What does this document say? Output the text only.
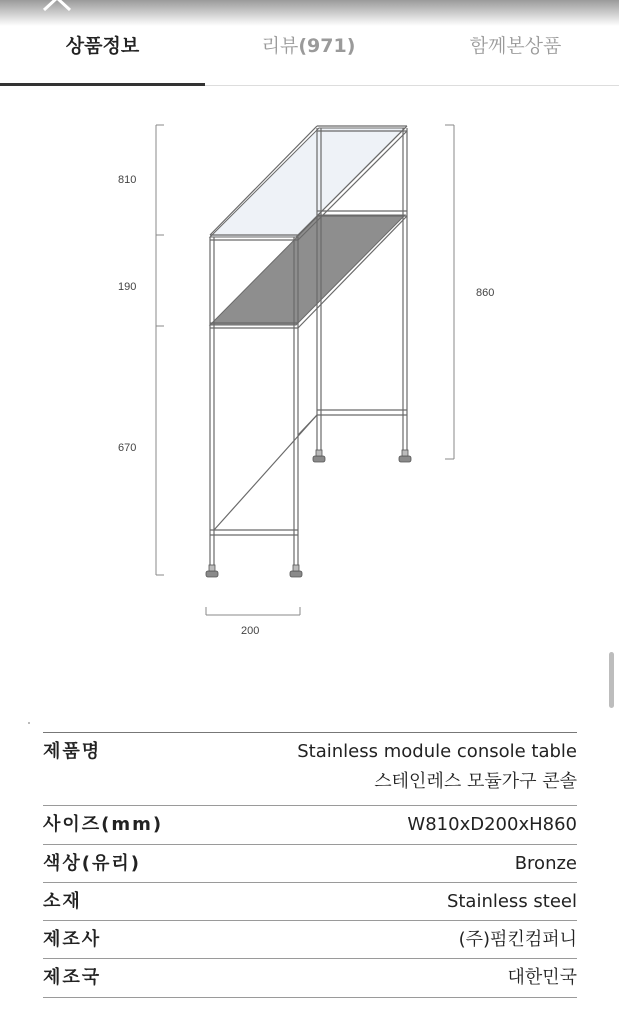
상품정보	리뷰(971)	함께본상품
810
190
670
860
200
제품명	Stainless module console table
스테인레스 모듈가구 콘솔
사이즈(mm)	W810xD200xH860
색상(유리)	Bronze
소재	Stainless steel
제조사	(주)펌킨컴퍼니
제조국	대한민국
